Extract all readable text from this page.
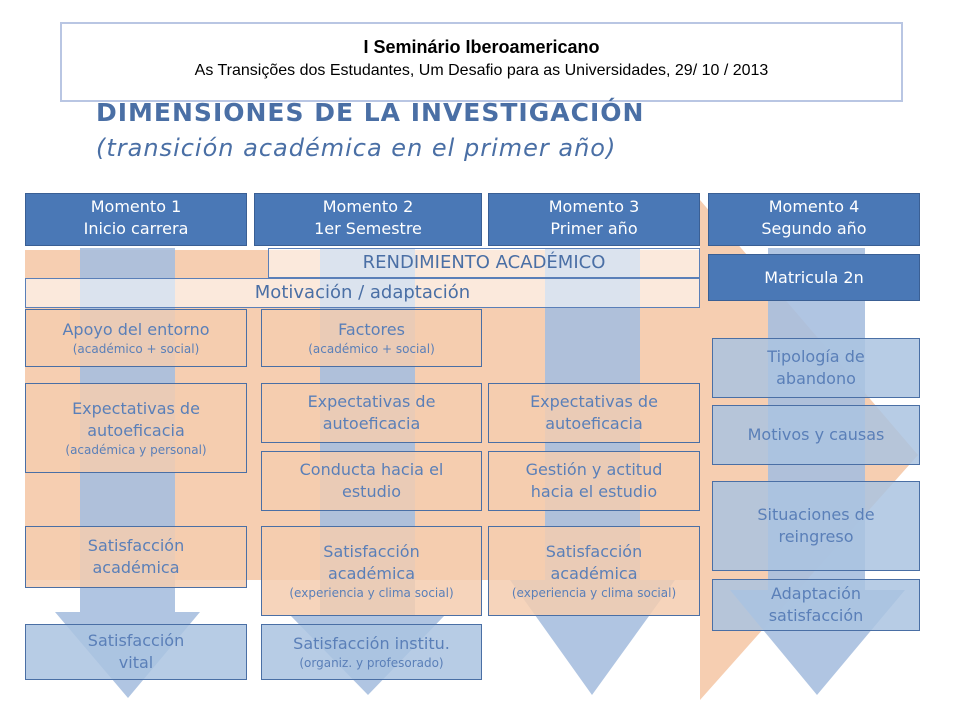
I Seminário Iberoamericano
As Transições dos Estudantes, Um Desafio para as Universidades, 29/ 10 / 2013
DIMENSIONES DE LA INVESTIGACIÓN
(transición académica en el primer año)
Momento 1
Inicio carrera
Momento 2
1er Semestre
Momento 3
Primer año
Momento 4
Segundo año
RENDIMIENTO ACADÉMICO
Motivación / adaptación
Matricula 2n
Apoyo del entorno
(académico + social)
Expectativas de autoeficacia
(académica y personal)
Satisfacción académica
Satisfacción vital
Factores
(académico + social)
Expectativas de autoeficacia
Conducta hacia el estudio
Satisfacción académica
(experiencia y clima social)
Satisfacción institu.
(organiz. y profesorado)
Expectativas de autoeficacia
Gestión y actitud hacia el estudio
Satisfacción académica
(experiencia y clima social)
Tipología de abandono
Motivos y causas
Situaciones de reingreso
Adaptación satisfacción
